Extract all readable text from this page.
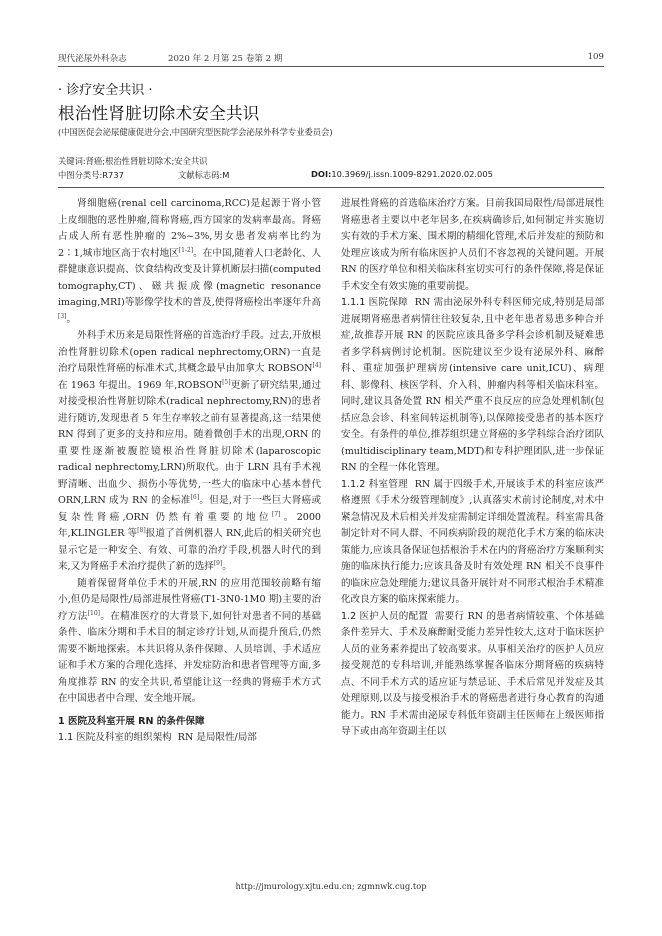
现代泌尿外科杂志	2020 年 2 月第 25 卷第 2 期	109
· 诊疗安全共识 ·
根治性肾脏切除术安全共识
(中国医促会泌尿健康促进分会,中国研究型医院学会泌尿外科学专业委员会)
关键词:肾癌;根治性肾脏切除术;安全共识
中图分类号:R737	文献标志码:M	DOI:10.3969/j.issn.1009-8291.2020.02.005

肾细胞癌(renal cell carcinoma,RCC)是起源于肾小管上皮细胞的恶性肿瘤,简称肾癌,西方国家的发病率最高。肾癌占成人所有恶性肿瘤的 2%~3%,男女患者发病率比约为 2∶1,城市地区高于农村地区[1-2]。在中国,随着人口老龄化、人群健康意识提高、饮食结构改变及计算机断层扫描(computed tomography,CT)、磁共振成像(magnetic resonance imaging,MRI)等影像学技术的普及,使得肾癌检出率逐年升高[3]。

外科手术历来是局限性肾癌的首选治疗手段。过去,开放根治性肾脏切除术(open radical nephrectomy,ORN)一直是治疗局限性肾癌的标准术式,其概念最早由加拿大 ROBSON[4]在 1963 年提出。1969 年,ROBSON[5]更新了研究结果,通过对接受根治性肾脏切除术(radical nephrectomy,RN)的患者进行随访,发现患者 5 年生存率较之前有显著提高,这一结果使 RN 得到了更多的支持和应用。随着微创手术的出现,ORN 的重要性逐渐被腹腔镜根治性肾脏切除术(laparoscopic radical nephrectomy,LRN)所取代。由于 LRN 具有手术视野清晰、出血少、损伤小等优势,一些大的临床中心基本替代 ORN,LRN 成为 RN 的金标准[6]。但是,对于一些巨大肾癌或复杂性肾癌,ORN 仍然有着重要的地位[7]。2000 年,KLINGLER 等[8]报道了首例机器人 RN,此后的相关研究也显示它是一种安全、有效、可靠的治疗手段,机器人时代的到来,又为肾癌手术治疗提供了新的选择[9]。

随着保留肾单位手术的开展,RN 的应用范围较前略有缩小,但仍是局限性/局部进展性肾癌(T1-3N0-1M0 期)主要的治疗方法[10]。在精准医疗的大背景下,如何针对患者不同的基础条件、临床分期和手术目的制定诊疗计划,从而提升预后,仍然需要不断地探索。本共识将从条件保障、人员培训、手术适应证和手术方案的合理化选择、并发症防治和患者管理等方面,多角度推荐 RN 的安全共识,希望能让这一经典的肾癌手术方式在中国患者中合理、安全地开展。

1 医院及科室开展 RN 的条件保障

1.1 医院及科室的组织架构 RN 是局限性/局部

进展性肾癌的首选临床治疗方案。目前我国局限性/局部进展性肾癌患者主要以中老年居多,在疾病确诊后,如何制定并实施切实有效的手术方案、围术期的精细化管理,术后并发症的预防和处理应该成为所有临床医护人员们不容忽视的关键问题。开展 RN 的医疗单位和相关临床科室切实可行的条件保障,将是保证手术安全有效实施的重要前提。

1.1.1 医院保障 RN 需由泌尿外科专科医师完成,特别是局部进展期肾癌患者病情往往较复杂,且中老年患者易患多种合并症,故推荐开展 RN 的医院应该具备多学科会诊机制及疑难患者多学科病例讨论机制。医院建议至少设有泌尿外科、麻醉科、重症加强护理病房(intensive care unit,ICU)、病理科、影像科、核医学科、介入科、肿瘤内科等相关临床科室。同时,建议具备处置 RN 相关严重不良反应的应急处理机制(包括应急会诊、科室间转运机制等),以保障接受患者的基本医疗安全。有条件的单位,推荐组织建立肾癌的多学科综合治疗团队(multidisciplinary team,MDT)和专科护理团队,进一步保证 RN 的全程一体化管理。

1.1.2 科室管理 RN 属于四级手术,开展该手术的科室应该严格遵照《手术分级管理制度》,认真落实术前讨论制度,对术中紧急情况及术后相关并发症需制定详细处置流程。科室需具备制定针对不同人群、不同疾病阶段的规范化手术方案的临床决策能力,应该具备保证包括根治手术在内的肾癌治疗方案顺利实施的临床执行能力;应该具备及时有效处理 RN 相关不良事件的临床应急处理能力;建议具备开展针对不同形式根治手术精准化改良方案的临床探索能力。

1.2 医护人员的配置 需要行 RN 的患者病情较重、个体基础条件差异大、手术及麻醉耐受能力差异性较大,这对于临床医护人员的业务素养提出了较高要求。从事相关治疗的医护人员应接受规范的专科培训,并能熟练掌握各临床分期肾癌的疾病特点、不同手术方式的适应证与禁忌证、手术后常见并发症及其处理原则,以及与接受根治手术的肾癌患者进行身心教育的沟通能力。RN 手术需由泌尿专科低年资副主任医师在上级医师指导下或由高年资副主任以

http://jmurology.xjtu.edu.cn; zgmnwk.cug.top
